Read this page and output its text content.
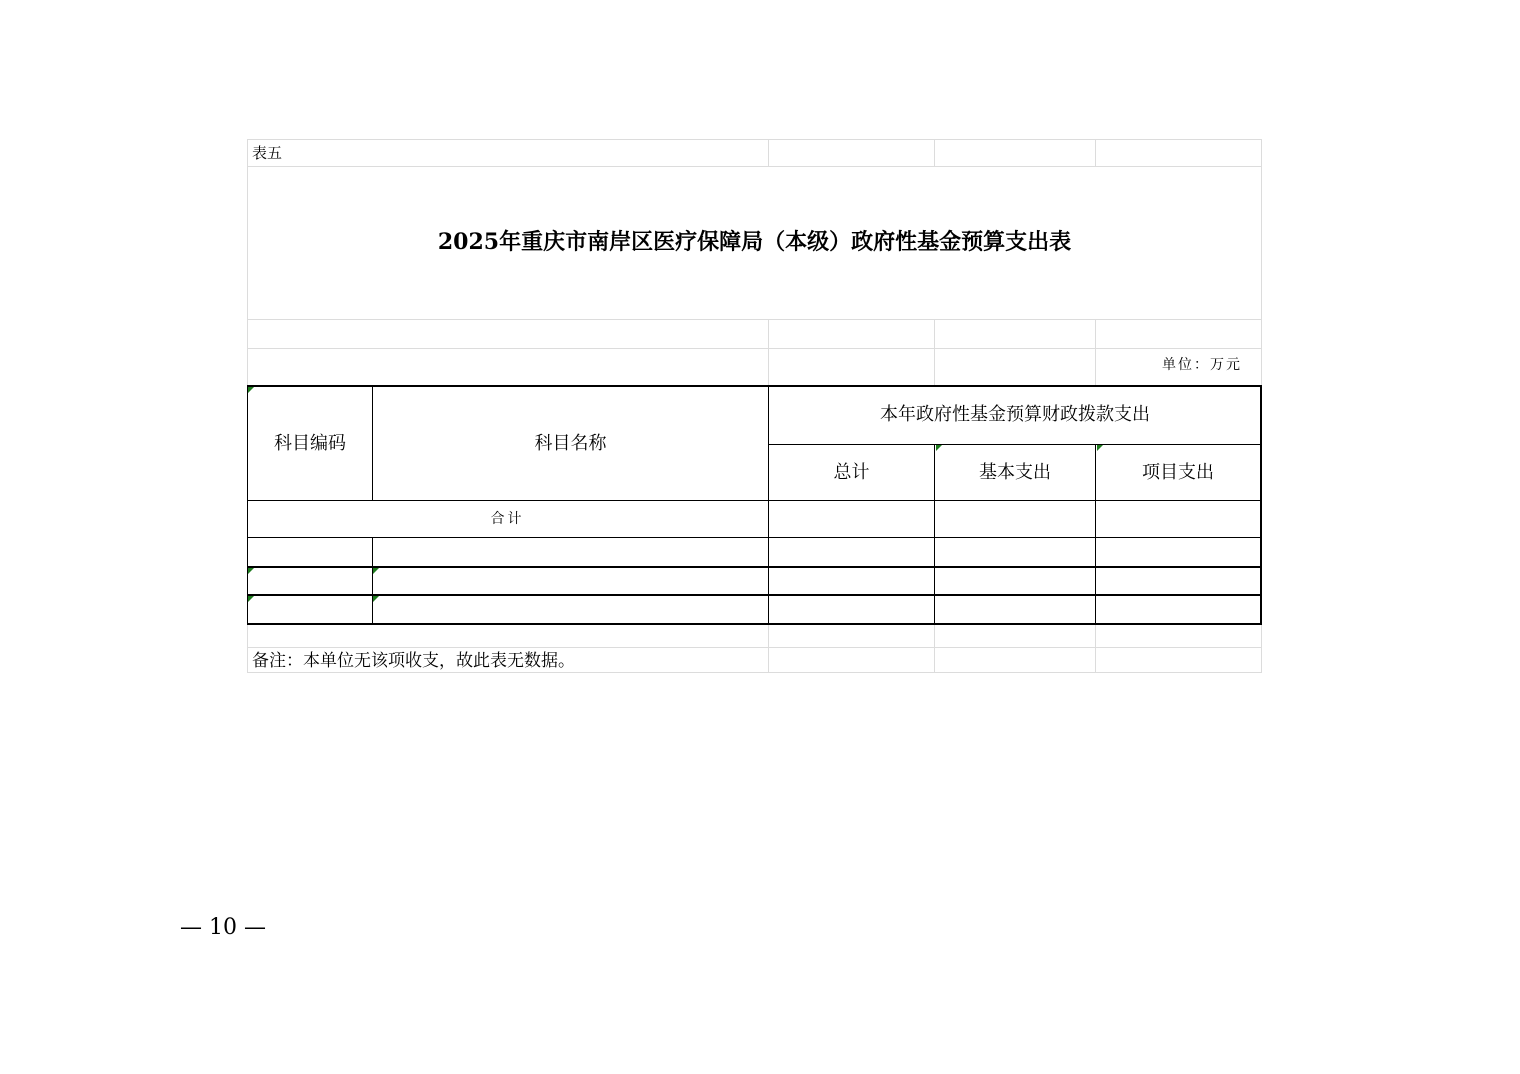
表五
2025年重庆市南岸区医疗保障局（本级）政府性基金预算支出表
单位：万元
科目编码	科目名称
本年政府性基金预算财政拨款支出
总计	基本支出	项目支出
合计
备注：本单位无该项收支，故此表无数据。
— 10 —
